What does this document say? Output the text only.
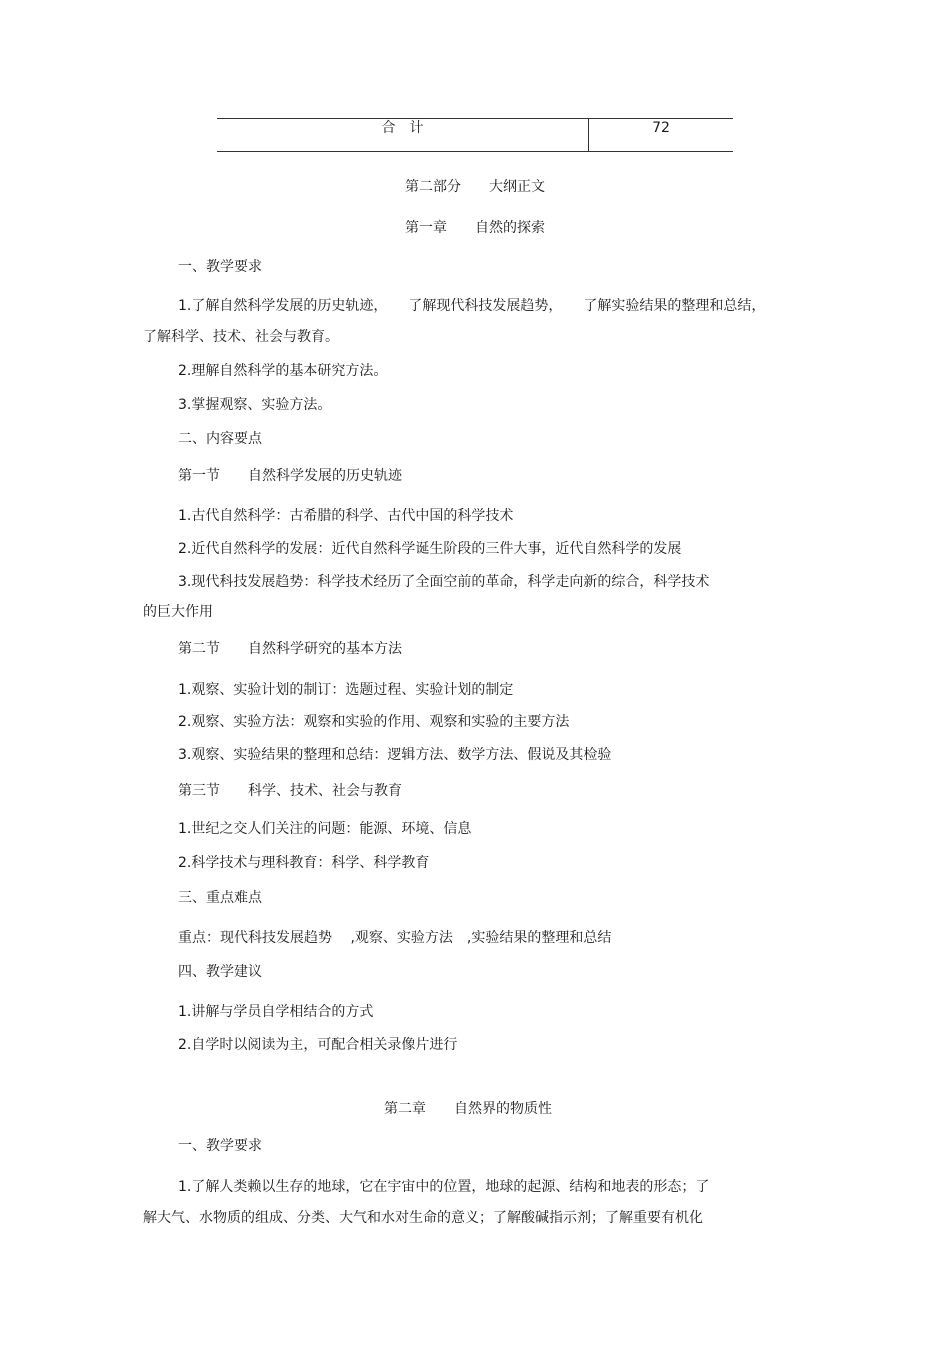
合　计	72
第二部分　　大纲正文
第一章　　自然的探索
一、教学要求
1.了解自然科学发展的历史轨迹，　　了解现代科技发展趋势，　　了解实验结果的整理和总结，
了解科学、技术、社会与教育。
2.理解自然科学的基本研究方法。
3.掌握观察、实验方法。
二、内容要点
第一节　　自然科学发展的历史轨迹
1.古代自然科学：古希腊的科学、古代中国的科学技术
2.近代自然科学的发展：近代自然科学诞生阶段的三件大事，近代自然科学的发展
3.现代科技发展趋势：科学技术经历了全面空前的革命，科学走向新的综合，科学技术
的巨大作用
第二节　　自然科学研究的基本方法
1.观察、实验计划的制订：选题过程、实验计划的制定
2.观察、实验方法：观察和实验的作用、观察和实验的主要方法
3.观察、实验结果的整理和总结：逻辑方法、数学方法、假说及其检验
第三节　　科学、技术、社会与教育
1.世纪之交人们关注的问题：能源、环境、信息
2.科学技术与理科教育：科学、科学教育
三、重点难点
重点：现代科技发展趋势　 ,观察、实验方法　,实验结果的整理和总结
四、教学建议
1.讲解与学员自学相结合的方式
2.自学时以阅读为主，可配合相关录像片进行
第二章　　自然界的物质性
一、教学要求
1.了解人类赖以生存的地球，它在宇宙中的位置，地球的起源、结构和地表的形态；了
解大气、水物质的组成、分类、大气和水对生命的意义；了解酸碱指示剂；了解重要有机化
